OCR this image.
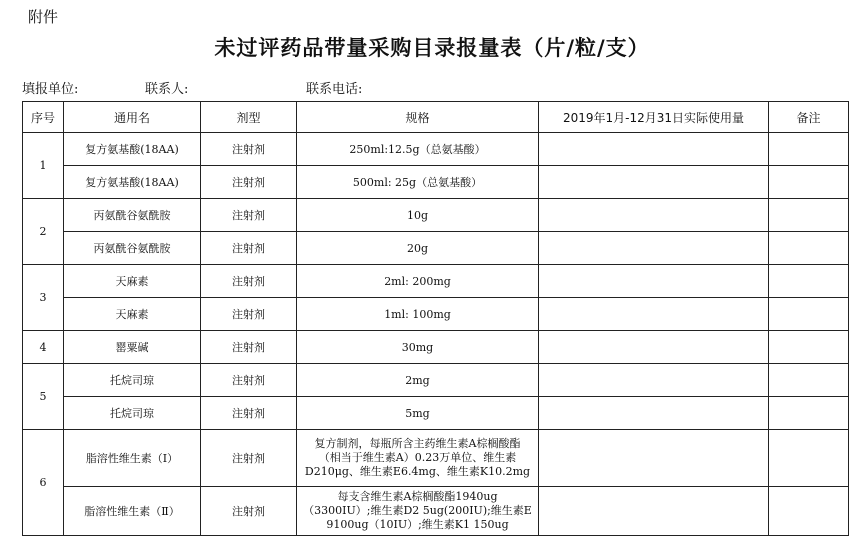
附件
未过评药品带量采购目录报量表（片/粒/支）
填报单位:	联系人:	联系电话:
序号	通用名	剂型	规格	2019年1月-12月31日实际使用量	备注
1	复方氨基酸(18AA)	注射剂	250ml:12.5g（总氨基酸）		
	复方氨基酸(18AA)	注射剂	500ml: 25g（总氨基酸）		
2	丙氨酰谷氨酰胺	注射剂	10g		
	丙氨酰谷氨酰胺	注射剂	20g		
3	天麻素	注射剂	2ml: 200mg		
	天麻素	注射剂	1ml: 100mg		
4	罂粟碱	注射剂	30mg		
5	托烷司琼	注射剂	2mg		
	托烷司琼	注射剂	5mg		
6	脂溶性维生素（Ⅰ）	注射剂	复方制剂，每瓶所含主药维生素A棕榈酸酯
（相当于维生素A）0.23万单位、维生素
D210μg、维生素E6.4mg、维生素K10.2mg		

	脂溶性维生素（Ⅱ）	注射剂	每支含维生素A棕榈酸酯1940ug
（3300IU）;维生素D2 5ug(200IU);维生素E
9100ug（10IU）;维生素K1 150ug		
